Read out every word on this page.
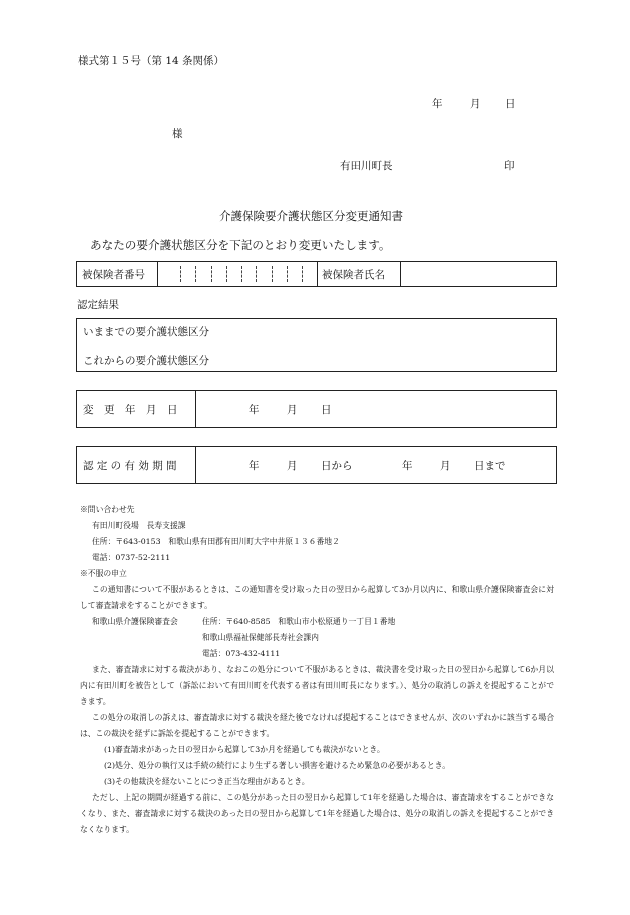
様式第１５号（第 14 条関係）
年	月 日
様
有田川町長	印
介護保険要介護状態区分変更通知書
あなたの要介護状態区分を下記のとおり変更いたします。
被保険者番号	被保険者氏名
認定結果
いままでの要介護状態区分
これからの要介護状態区分
変　更　年　月　日	年	月 日
認 定 の 有 効 期 間	年	月 日から	年	月 日まで
※問い合わせ先
有田川町役場　長寿支援課
住所：〒643-0153　和歌山県有田郡有田川町大字中井原１３６番地２
電話：0737-52-2111
※不服の申立
この通知書について不服があるときは、この通知書を受け取った日の翌日から起算して3か月以内に、和歌山県介護保険審査会に対して審査請求をすることができます。
和歌山県介護保険審査会	住所：〒640-8585　和歌山市小松原通り一丁目１番地
和歌山県福祉保健部長寿社会課内
電話：073-432-4111
また、審査請求に対する裁決があり、なおこの処分について不服があるときは、裁決書を受け取った日の翌日から起算して6か月以内に有田川町を被告として（訴訟において有田川町を代表する者は有田川町長になります。）、処分の取消しの訴えを提起することができます。
この処分の取消しの訴えは、審査請求に対する裁決を経た後でなければ提起することはできませんが、次のいずれかに該当する場合は、この裁決を経ずに訴訟を提起することができます。
(1)審査請求があった日の翌日から起算して3か月を経過しても裁決がないとき。
(2)処分、処分の執行又は手続の続行により生ずる著しい損害を避けるため緊急の必要があるとき。
(3)その他裁決を経ないことにつき正当な理由があるとき。
ただし、上記の期間が経過する前に、この処分があった日の翌日から起算して1年を経過した場合は、審査請求をすることができなくなり、また、審査請求に対する裁決のあった日の翌日から起算して1年を経過した場合は、処分の取消しの訴えを提起することができなくなります。
